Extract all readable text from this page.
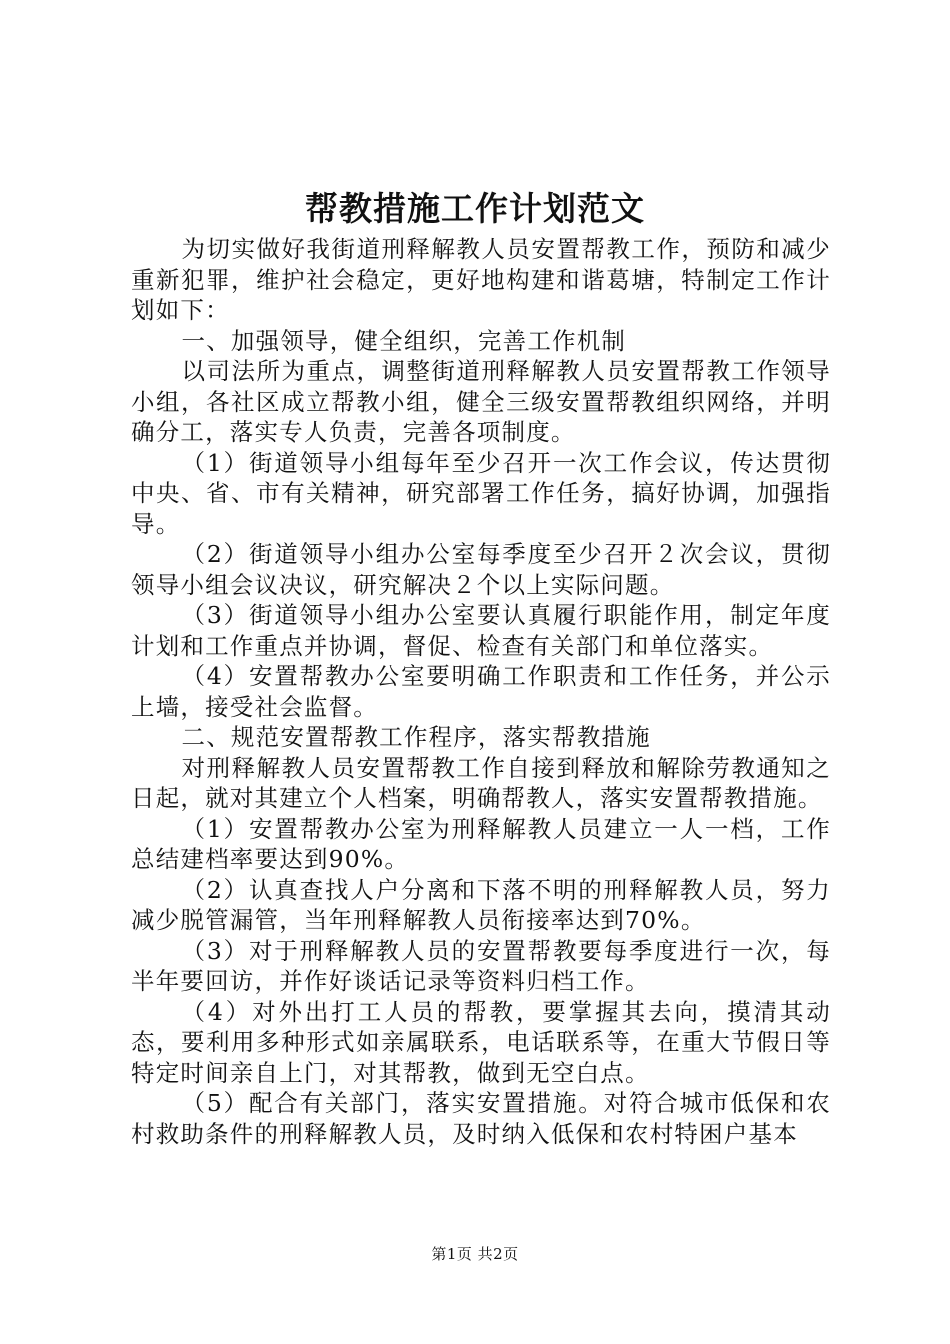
帮教措施工作计划范文

为切实做好我街道刑释解教人员安置帮教工作，预防和减少重新犯罪，维护社会稳定，更好地构建和谐葛塘，特制定工作计划如下：

一、加强领导，健全组织，完善工作机制

以司法所为重点，调整街道刑释解教人员安置帮教工作领导小组，各社区成立帮教小组，健全三级安置帮教组织网络，并明确分工，落实专人负责，完善各项制度。

（1）街道领导小组每年至少召开一次工作会议，传达贯彻中央、省、市有关精神，研究部署工作任务，搞好协调，加强指导。

（2）街道领导小组办公室每季度至少召开２次会议，贯彻领导小组会议决议，研究解决２个以上实际问题。

（3）街道领导小组办公室要认真履行职能作用，制定年度计划和工作重点并协调，督促、检查有关部门和单位落实。

（4）安置帮教办公室要明确工作职责和工作任务，并公示上墙，接受社会监督。

二、规范安置帮教工作程序，落实帮教措施

对刑释解教人员安置帮教工作自接到释放和解除劳教通知之日起，就对其建立个人档案，明确帮教人，落实安置帮教措施。

（1）安置帮教办公室为刑释解教人员建立一人一档，工作总结建档率要达到90%。

（2）认真查找人户分离和下落不明的刑释解教人员，努力减少脱管漏管，当年刑释解教人员衔接率达到70%。

（3）对于刑释解教人员的安置帮教要每季度进行一次，每半年要回访，并作好谈话记录等资料归档工作。

（4）对外出打工人员的帮教，要掌握其去向，摸清其动态，要利用多种形式如亲属联系，电话联系等，在重大节假日等特定时间亲自上门，对其帮教，做到无空白点。

（5）配合有关部门，落实安置措施。对符合城市低保和农村救助条件的刑释解教人员，及时纳入低保和农村特困户基本

第1页 共2页
